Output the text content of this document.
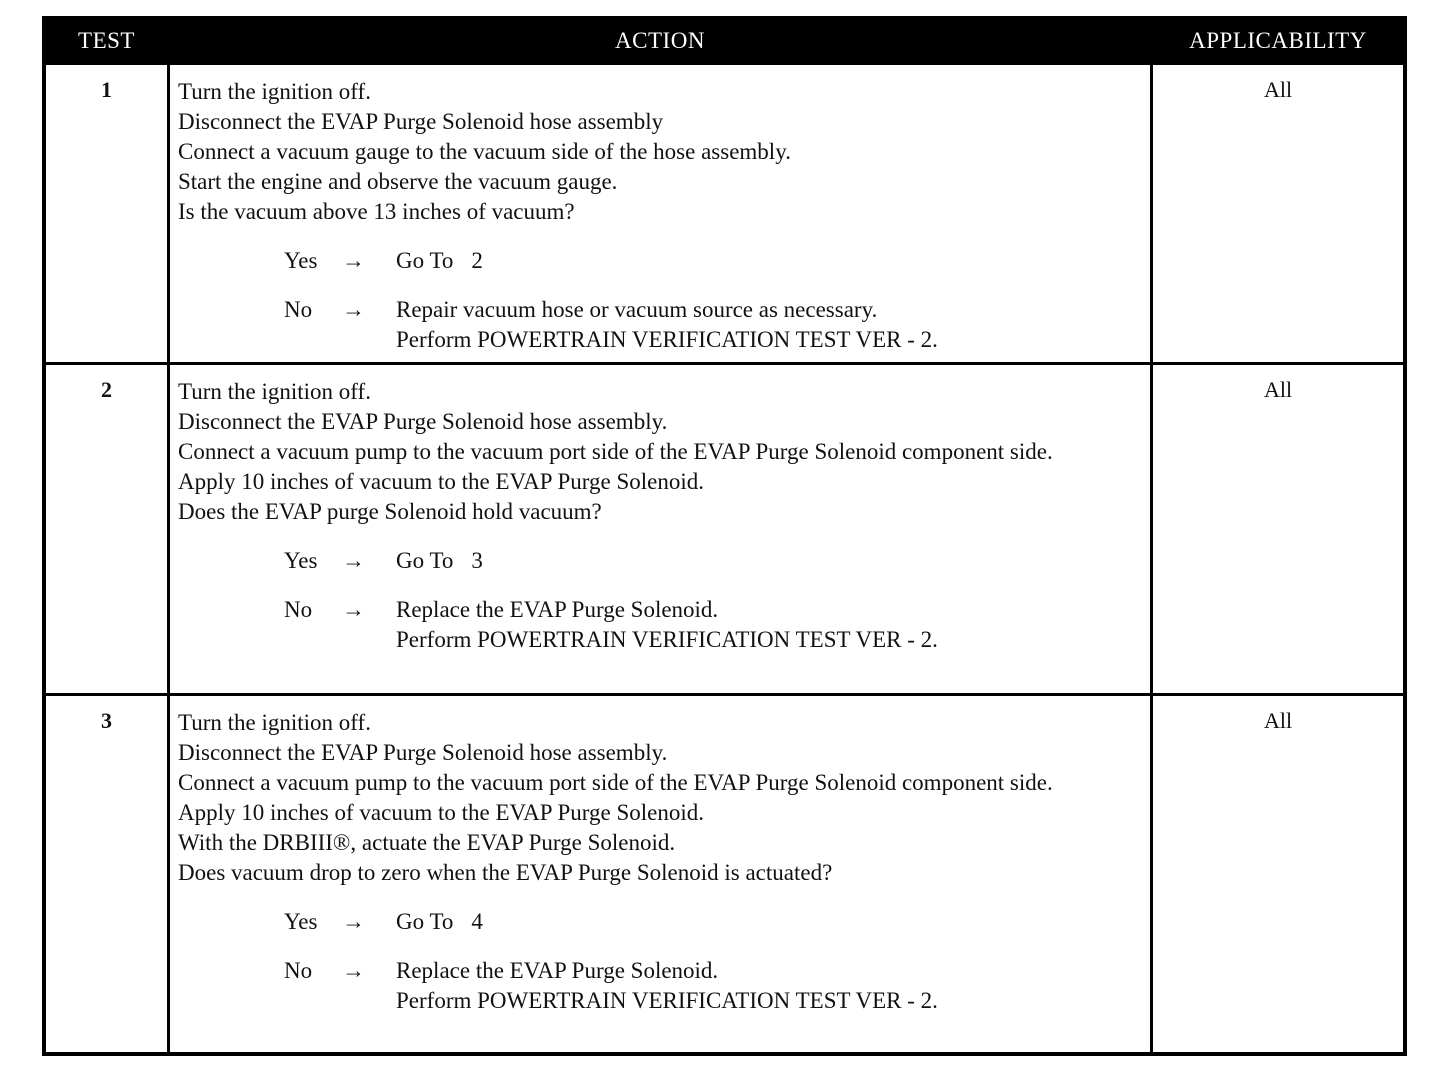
TEST	ACTION	APPLICABILITY
1	Turn the ignition off.
Disconnect the EVAP Purge Solenoid hose assembly
Connect a vacuum gauge to the vacuum side of the hose assembly.
Start the engine and observe the vacuum gauge.
Is the vacuum above 13 inches of vacuum?
Yes	→	Go To 2
No	→	Repair vacuum hose or vacuum source as necessary.
Perform POWERTRAIN VERIFICATION TEST VER - 2.
All
2	Turn the ignition off.
Disconnect the EVAP Purge Solenoid hose assembly.
Connect a vacuum pump to the vacuum port side of the EVAP Purge Solenoid component side.
Apply 10 inches of vacuum to the EVAP Purge Solenoid.
Does the EVAP purge Solenoid hold vacuum?
Yes	→	Go To 3
No	→	Replace the EVAP Purge Solenoid.
Perform POWERTRAIN VERIFICATION TEST VER - 2.
All
3	Turn the ignition off.
Disconnect the EVAP Purge Solenoid hose assembly.
Connect a vacuum pump to the vacuum port side of the EVAP Purge Solenoid component side.
Apply 10 inches of vacuum to the EVAP Purge Solenoid.
With the DRBIII®, actuate the EVAP Purge Solenoid.
Does vacuum drop to zero when the EVAP Purge Solenoid is actuated?
Yes	→	Go To 4
No	→	Replace the EVAP Purge Solenoid.
Perform POWERTRAIN VERIFICATION TEST VER - 2.
All
